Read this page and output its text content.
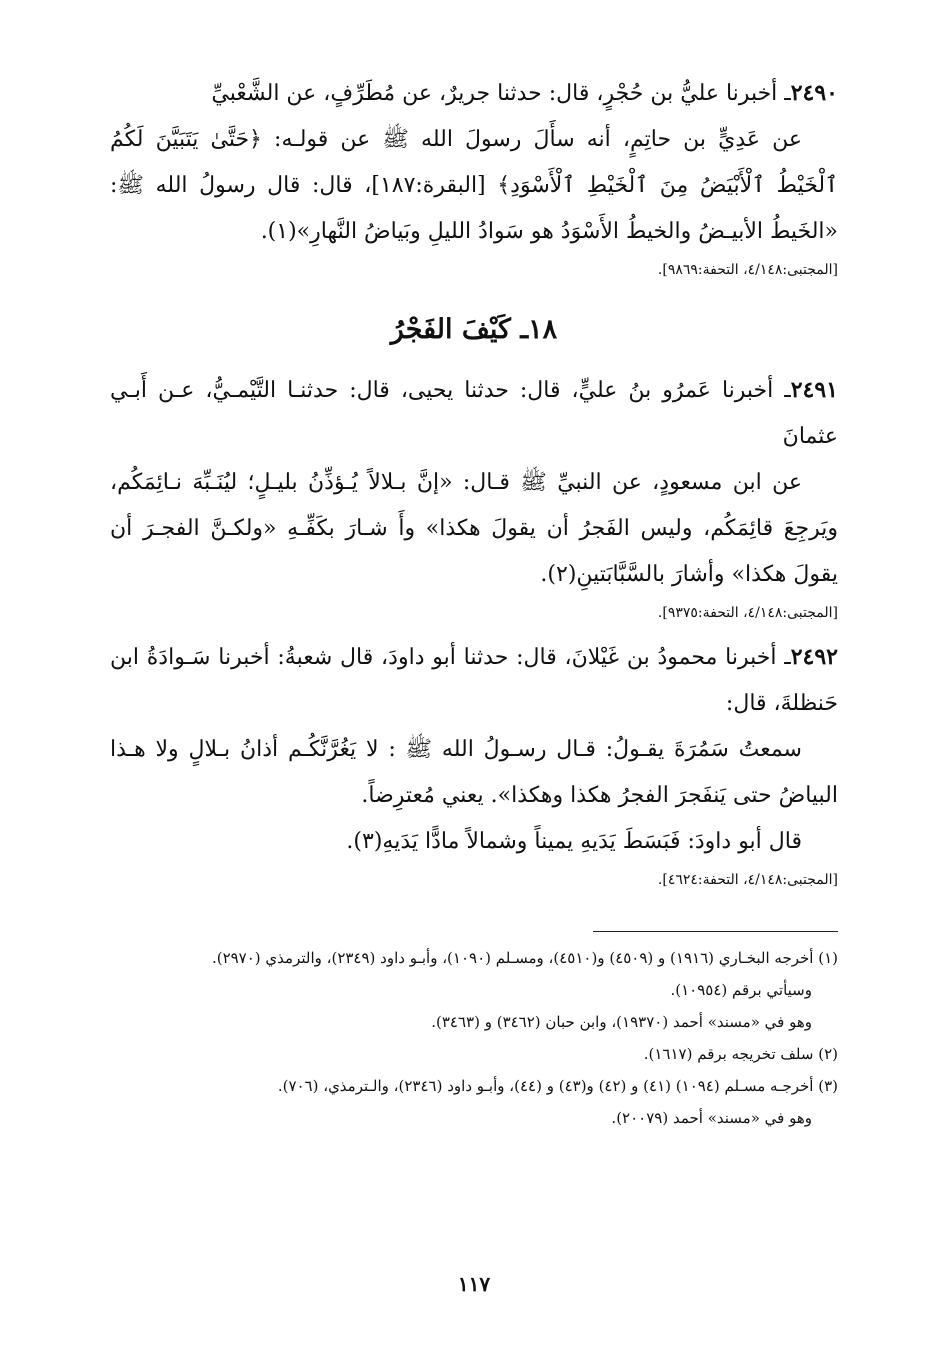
٢٤٩٠ـ أخبرنا عليُّ بن حُجْرٍ، قال: حدثنا جريرٌ، عن مُطَرِّفٍ، عن الشَّعْبيِّ

عن عَدِيٍّ بن حاتِمٍ، أنه سأَلَ رسولَ الله ﷺ عن قولـه: ﴿حَتَّىٰ يَتَبَيَّنَ لَكُمُ ٱلْخَيْطُ ٱلْأَبْيَضُ مِنَ ٱلْخَيْطِ ٱلْأَسْوَدِ﴾ [البقرة:١٨٧]، قال: قال رسولُ الله ﷺ: «الخَيطُ الأبيـضُ والخيطُ الأَسْوَدُ هو سَوادُ الليلِ وبَياضُ النَّهارِ»(١).

[المجتبى:٤/١٤٨، التحفة:٩٨٦٩].

١٨ـ كَيْفَ الفَجْرُ

٢٤٩١ـ أخبرنا عَمرُو بنُ عليٍّ، قال: حدثنا يحيى، قال: حدثنـا التَّيْمـيُّ، عـن أَبـي عثمانَ

عن ابن مسعودٍ، عن النبيِّ ﷺ قـال: «إنَّ بـلالاً يُـؤذِّنُ بليـلٍ؛ ليُنَـبِّهَ نـائِمَكُم، ويَرجِعَ قائِمَكُم، وليس الفَجرُ أن يقولَ هكذا» وأَ شـارَ بكَفِّـهِ «ولكـنَّ الفجـرَ أن يقولَ هكذا» وأشارَ بالسَّبَّابَتينِ(٢).

[المجتبى:٤/١٤٨، التحفة:٩٣٧٥].

٢٤٩٢ـ أخبرنا محمودُ بن غَيْلانَ، قال: حدثنا أبو داودَ، قال شعبةُ: أخبرنا سَـوادَةُ ابن حَنظلةَ، قال:

سمعتُ سَمُرَةَ يقـولُ: قـال رسـولُ الله ﷺ : لا يَغُرَّنَّكُـم أذانُ بـلالٍ ولا هـذا البياضُ حتى يَنفَجرَ الفجرُ هكذا وهكذا». يعني مُعترِضاً.

قال أبو داودَ: فَبَسَطَ يَدَيهِ يميناً وشمالاً مادًّا يَدَيهِ(٣).

[المجتبى:٤/١٤٨، التحفة:٤٦٢٤].

(١) أخرجه البخـاري (١٩١٦) و (٤٥٠٩) و(٤٥١٠)، ومسـلم (١٠٩٠)، وأبـو داود (٢٣٤٩)، والترمذي (٢٩٧٠).

وسيأتي برقم (١٠٩٥٤).

وهو في «مسند» أحمد (١٩٣٧٠)، وابن حبان (٣٤٦٢) و (٣٤٦٣).

(٢) سلف تخريجه برقم (١٦١٧).

(٣) أخرجـه مسـلم (١٠٩٤) (٤١) و (٤٢) و(٤٣) و (٤٤)، وأبـو داود (٢٣٤٦)، والـترمذي، (٧٠٦).

وهو في «مسند» أحمد (٢٠٠٧٩).

١١٧
